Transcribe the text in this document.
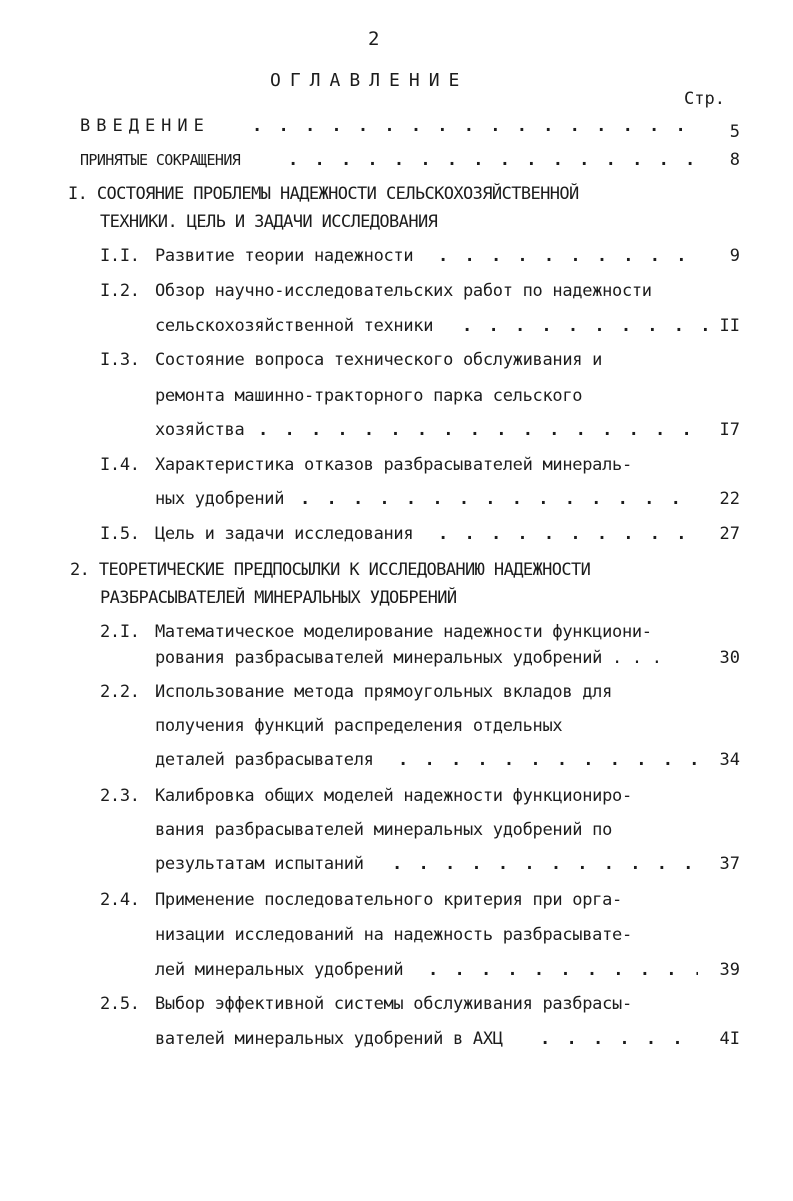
2
ОГЛАВЛЕНИЕ
Стр.
ВВЕДЕНИЕ . . .	5
ПРИНЯТЫЕ СОКРАЩЕНИЯ . . .	8
I. СОСТОЯНИЕ ПРОБЛЕМЫ НАДЕЖНОСТИ СЕЛЬСКОХОЗЯЙСТВЕННОЙ
ТЕХНИКИ. ЦЕЛЬ И ЗАДАЧИ ИССЛЕДОВАНИЯ
I.I. Развитие теории надежности . . .	9
I.2. Обзор научно-исследовательских работ по надежности
сельскохозяйственной техники . . .	II
I.3. Состояние вопроса технического обслуживания и
ремонта машинно-тракторного парка сельского
хозяйства . . .	I7
I.4. Характеристика отказов разбрасывателей минераль-
ных удобрений . . .	22
I.5. Цель и задачи исследования . . .	27
2. ТЕОРЕТИЧЕСКИЕ ПРЕДПОСЫЛКИ К ИССЛЕДОВАНИЮ НАДЕЖНОСТИ
РАЗБРАСЫВАТЕЛЕЙ МИНЕРАЛЬНЫХ УДОБРЕНИЙ
2.I. Математическое моделирование надежности функциони-
рования разбрасывателей минеральных удобрений . . .	30
2.2. Использование метода прямоугольных вкладов для
получения функций распределения отдельных
деталей разбрасывателя . . .	34
2.3. Калибровка общих моделей надежности функциониро-
вания разбрасывателей минеральных удобрений по
результатам испытаний . . .	37
2.4. Применение последовательного критерия при орга-
низации исследований на надежность разбрасывате-
лей минеральных удобрений . . .	39
2.5. Выбор эффективной системы обслуживания разбрасы-
вателей минеральных удобрений в АХЦ . . .	4I
